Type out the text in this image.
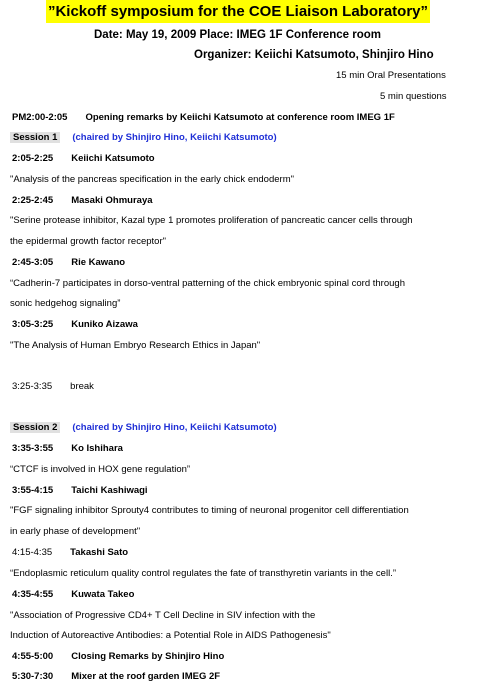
”Kickoff symposium for the COE Liaison Laboratory”
Date: May 19, 2009 Place: IMEG 1F Conference room
Organizer: Keiichi Katsumoto, Shinjiro Hino
15 min Oral Presentations
5 min questions
PM2:00-2:05 Opening remarks by Keiichi Katsumoto at conference room IMEG 1F
Session 1 (chaired by Shinjiro Hino, Keiichi Katsumoto)
2:05-2:25 Keiichi Katsumoto
"Analysis of the pancreas specification in the early chick endoderm"
2:25-2:45 Masaki Ohmuraya
"Serine protease inhibitor, Kazal type 1 promotes proliferation of pancreatic cancer cells through
the epidermal growth factor receptor"
2:45-3:05 Rie Kawano
“Cadherin-7 participates in dorso-ventral patterning of the chick embryonic spinal cord through
sonic hedgehog signaling”
3:05-3:25 Kuniko Aizawa
"The Analysis of Human Embryo Research Ethics in Japan"
3:25-3:35 break
Session 2 (chaired by Shinjiro Hino, Keiichi Katsumoto)
3:35-3:55 Ko Ishihara
“CTCF is involved in HOX gene regulation”
3:55-4:15 Taichi Kashiwagi
"FGF signaling inhibitor Sprouty4 contributes to timing of neuronal progenitor cell differentiation
in early phase of development"
4:15-4:35 Takashi Sato
“Endoplasmic reticulum quality control regulates the fate of transthyretin variants in the cell.”
4:35-4:55 Kuwata Takeo
"Association of Progressive CD4+ T Cell Decline in SIV infection with the
Induction of Autoreactive Antibodies: a Potential Role in AIDS Pathogenesis"
4:55-5:00 Closing Remarks by Shinjiro Hino
5:30-7:30 Mixer at the roof garden IMEG 2F
